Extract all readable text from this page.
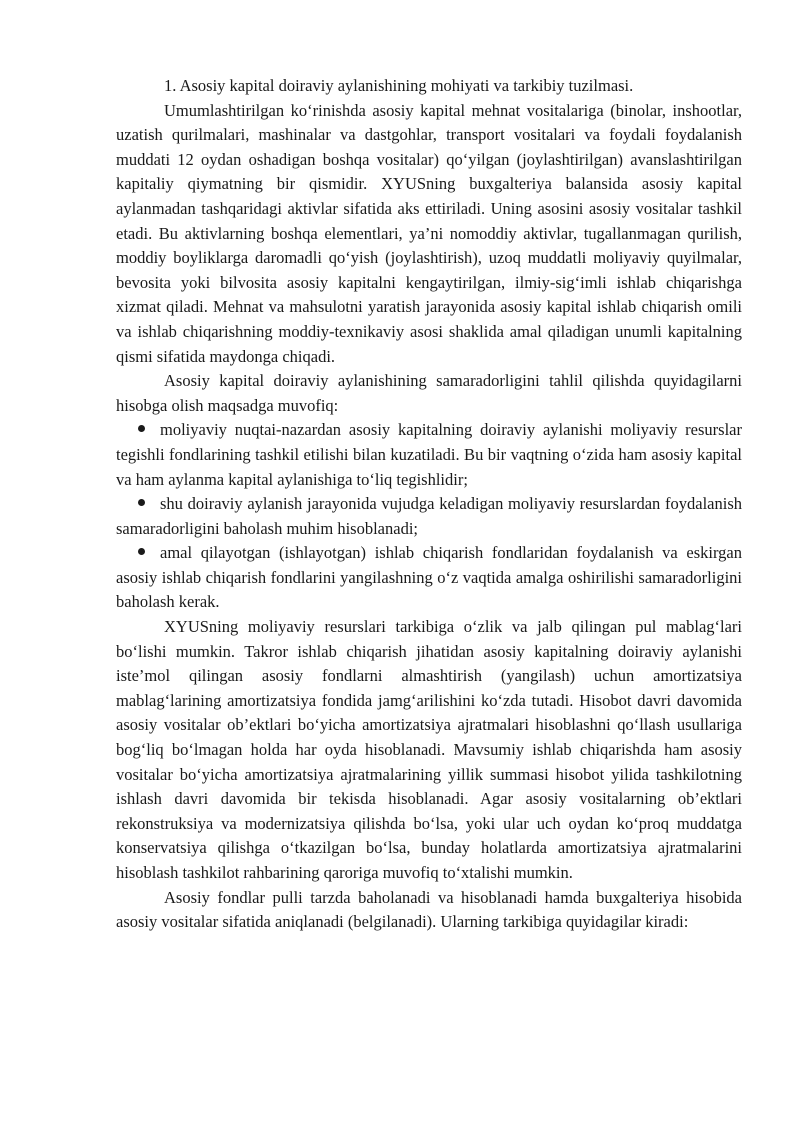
1. Asosiy kapital doiraviy aylanishining mohiyati va tarkibiy tuzilmasi.

Umumlashtirilgan ko‘rinishda asosiy kapital mehnat vositalariga (binolar, inshootlar, uzatish qurilmalari, mashinalar va dastgohlar, transport vositalari va foydali foydalanish muddati 12 oydan oshadigan boshqa vositalar) qo‘yilgan (joylashtirilgan) avanslashtirilgan kapitaliy qiymatning bir qismidir. XYUSning buxgalteriya balansida asosiy kapital aylanmadan tashqaridagi aktivlar sifatida aks ettiriladi. Uning asosini asosiy vositalar tashkil etadi. Bu aktivlarning boshqa elementlari, ya’ni nomoddiy aktivlar, tugallanmagan qurilish, moddiy boyliklarga daromadli qo‘yish (joylashtirish), uzoq muddatli moliyaviy quyilmalar, bevosita yoki bilvosita asosiy kapitalni kengaytirilgan, ilmiy-sig‘imli ishlab chiqarishga xizmat qiladi. Mehnat va mahsulotni yaratish jarayonida asosiy kapital ishlab chiqarish omili va ishlab chiqarishning moddiy-texnikaviy asosi shaklida amal qiladigan unumli kapitalning qismi sifatida maydonga chiqadi.

Asosiy kapital doiraviy aylanishining samaradorligini tahlil qilishda quyidagilarni hisobga olish maqsadga muvofiq:

moliyaviy nuqtai-nazardan asosiy kapitalning doiraviy aylanishi moliyaviy resurslar tegishli fondlarining tashkil etilishi bilan kuzatiladi. Bu bir vaqtning o‘zida ham asosiy kapital va ham aylanma kapital aylanishiga to‘liq tegishlidir;

shu doiraviy aylanish jarayonida vujudga keladigan moliyaviy resurslardan foydalanish samaradorligini baholash muhim hisoblanadi;

amal qilayotgan (ishlayotgan) ishlab chiqarish fondlaridan foydalanish va eskirgan asosiy ishlab chiqarish fondlarini yangilashning o‘z vaqtida amalga oshirilishi samaradorligini baholash kerak.

XYUSning moliyaviy resurslari tarkibiga o‘zlik va jalb qilingan pul mablag‘lari bo‘lishi mumkin. Takror ishlab chiqarish jihatidan asosiy kapitalning doiraviy aylanishi iste’mol qilingan asosiy fondlarni almashtirish (yangilash) uchun amortizatsiya mablag‘larining amortizatsiya fondida jamg‘arilishini ko‘zda tutadi. Hisobot davri davomida asosiy vositalar ob’ektlari bo‘yicha amortizatsiya ajratmalari hisoblashni qo‘llash usullariga bog‘liq bo‘lmagan holda har oyda hisoblanadi. Mavsumiy ishlab chiqarishda ham asosiy vositalar bo‘yicha amortizatsiya ajratmalarining yillik summasi hisobot yilida tashkilotning ishlash davri davomida bir tekisda hisoblanadi. Agar asosiy vositalarning ob’ektlari rekonstruksiya va modernizatsiya qilishda bo‘lsa, yoki ular uch oydan ko‘proq muddatga konservatsiya qilishga o‘tkazilgan bo‘lsa, bunday holatlarda amortizatsiya ajratmalarini hisoblash tashkilot rahbarining qaroriga muvofiq to‘xtalishi mumkin.

Asosiy fondlar pulli tarzda baholanadi va hisoblanadi hamda buxgalteriya hisobida asosiy vositalar sifatida aniqlanadi (belgilanadi). Ularning tarkibiga quyidagilar kiradi:
